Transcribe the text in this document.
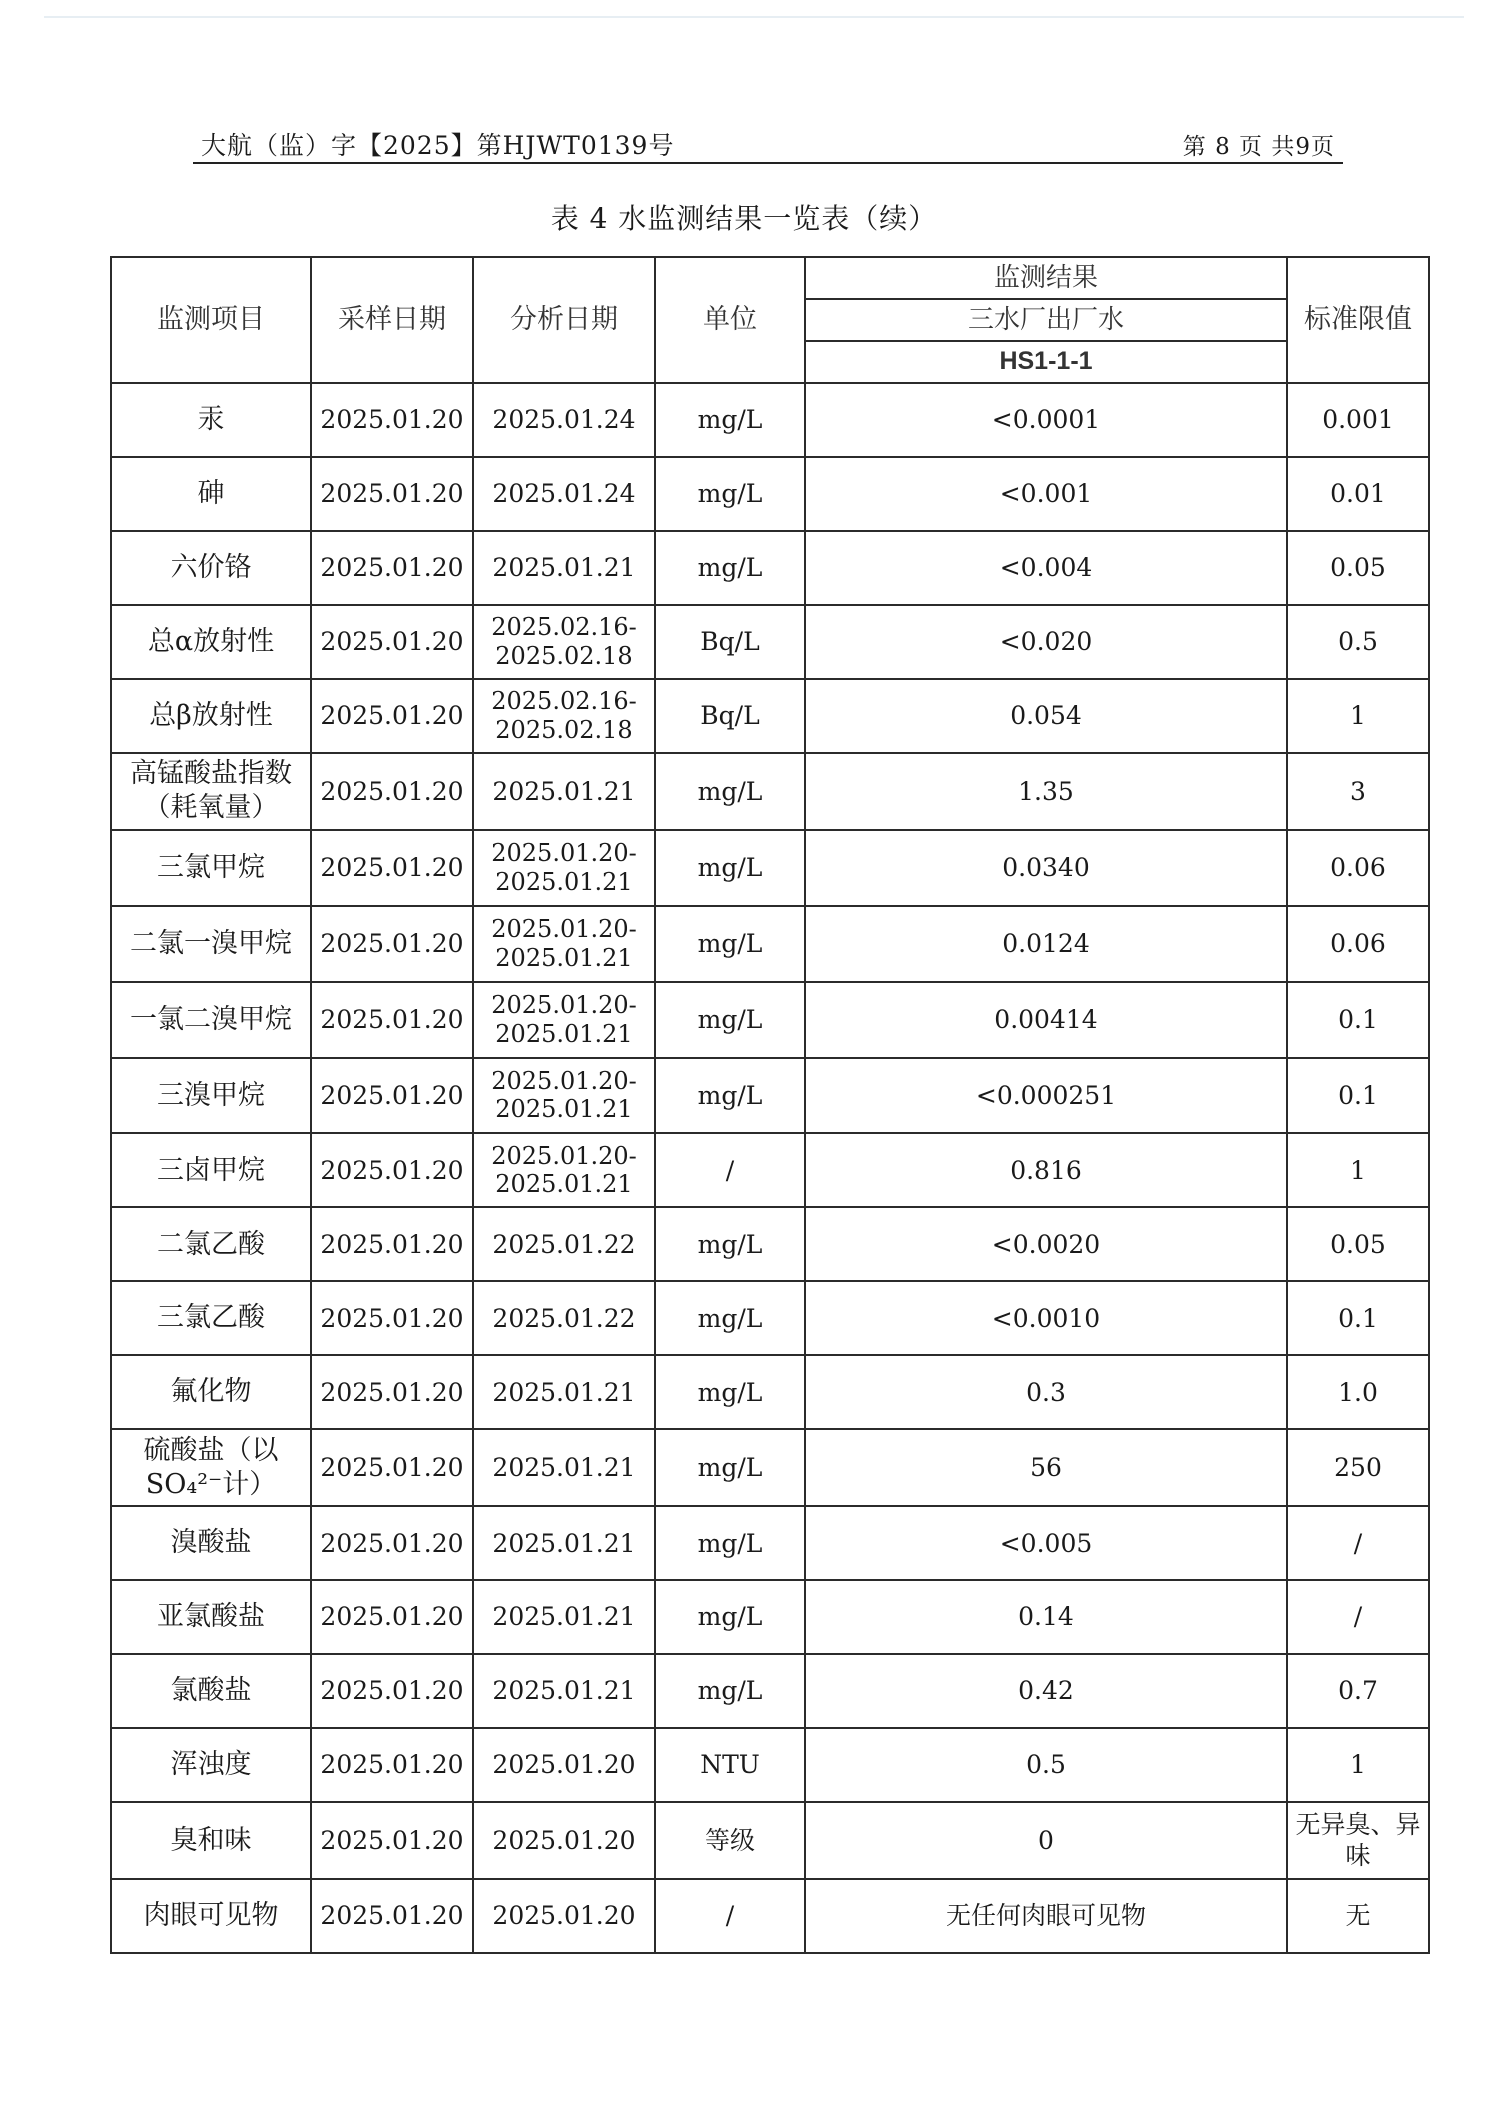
大航（监）字【2025】第HJWT0139号	第 8 页 共9页
表 4 水监测结果一览表（续）
监测项目	采样日期	分析日期	单位	监测结果	标准限值
				三水厂出厂水	
				HS1-1-1	
汞	2025.01.20	2025.01.24	mg/L	<0.0001	0.001
砷	2025.01.20	2025.01.24	mg/L	<0.001	0.01
六价铬	2025.01.20	2025.01.21	mg/L	<0.004	0.05
总α放射性	2025.01.20	2025.02.16-2025.02.18	Bq/L	<0.020	0.5
总β放射性	2025.01.20	2025.02.16-2025.02.18	Bq/L	0.054	1
高锰酸盐指数（耗氧量）	2025.01.20	2025.01.21	mg/L	1.35	3
三氯甲烷	2025.01.20	2025.01.20-2025.01.21	mg/L	0.0340	0.06
二氯一溴甲烷	2025.01.20	2025.01.20-2025.01.21	mg/L	0.0124	0.06
一氯二溴甲烷	2025.01.20	2025.01.20-2025.01.21	mg/L	0.00414	0.1
三溴甲烷	2025.01.20	2025.01.20-2025.01.21	mg/L	<0.000251	0.1
三卤甲烷	2025.01.20	2025.01.20-2025.01.21	/	0.816	1
二氯乙酸	2025.01.20	2025.01.22	mg/L	<0.0020	0.05
三氯乙酸	2025.01.20	2025.01.22	mg/L	<0.0010	0.1
氟化物	2025.01.20	2025.01.21	mg/L	0.3	1.0
硫酸盐（以SO₄²⁻计）	2025.01.20	2025.01.21	mg/L	56	250
溴酸盐	2025.01.20	2025.01.21	mg/L	<0.005	/
亚氯酸盐	2025.01.20	2025.01.21	mg/L	0.14	/
氯酸盐	2025.01.20	2025.01.21	mg/L	0.42	0.7
浑浊度	2025.01.20	2025.01.20	NTU	0.5	1
臭和味	2025.01.20	2025.01.20	等级	0	无异臭、异味
肉眼可见物	2025.01.20	2025.01.20	/	无任何肉眼可见物	无
